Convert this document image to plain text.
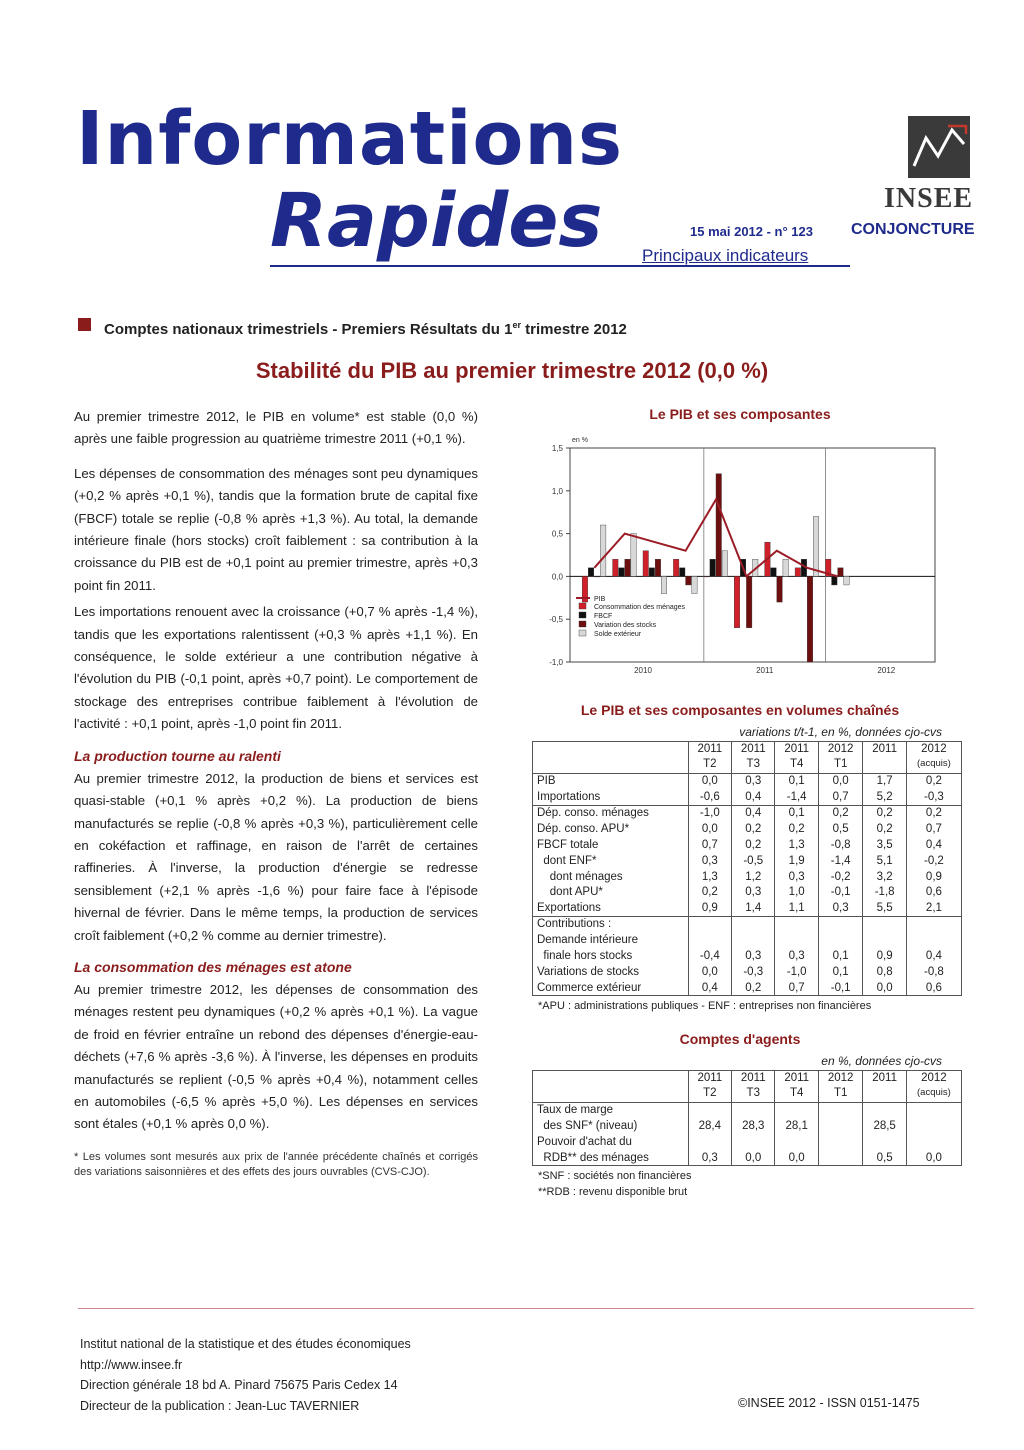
Informations
Rapides	15 mai 2012 - n° 123 CONJONCTURE
Principaux indicateurs
INSEE
Comptes nationaux trimestriels - Premiers Résultats du 1er trimestre 2012
Stabilité du PIB au premier trimestre 2012 (0,0 %)

Au premier trimestre 2012, le PIB en volume* est stable (0,0 %) après une faible progression au quatrième trimestre 2011 (+0,1 %).

Les dépenses de consommation des ménages sont peu dynamiques (+0,2 % après +0,1 %), tandis que la formation brute de capital fixe (FBCF) totale se replie (-0,8 % après +1,3 %). Au total, la demande intérieure finale (hors stocks) croît faiblement : sa contribution à la croissance du PIB est de +0,1 point au premier trimestre, après +0,3 point fin 2011.

Les importations renouent avec la croissance (+0,7 % après -1,4 %), tandis que les exportations ralentissent (+0,3 % après +1,1 %). En conséquence, le solde extérieur a une contribution négative à l'évolution du PIB (-0,1 point, après +0,7 point). Le comportement de stockage des entreprises contribue faiblement à l'évolution de l'activité : +0,1 point, après -1,0 point fin 2011.

La production tourne au ralenti

Au premier trimestre 2012, la production de biens et services est quasi-stable (+0,1 % après +0,2 %). La production de biens manufacturés se replie (-0,8 % après +0,3 %), particulièrement celle en cokéfaction et raffinage, en raison de l'arrêt de certaines raffineries. À l'inverse, la production d'énergie se redresse sensiblement (+2,1 % après -1,6 %) pour faire face à l'épisode hivernal de février. Dans le même temps, la production de services croît faiblement (+0,2 % comme au dernier trimestre).

La consommation des ménages est atone

Au premier trimestre 2012, les dépenses de consommation des ménages restent peu dynamiques (+0,2 % après +0,1 %). La vague de froid en février entraîne un rebond des dépenses d'énergie-eau-déchets (+7,6 % après -3,6 %). À l'inverse, les dépenses en produits manufacturés se replient (-0,5 % après +0,4 %), notamment celles en automobiles (-6,5 % après +5,0 %). Les dépenses en services sont étales (+0,1 % après 0,0 %).

* Les volumes sont mesurés aux prix de l'année précédente chaînés et corrigés des variations saisonnières et des effets des jours ouvrables (CVS-CJO).

Le PIB et ses composantes
1,5
1,0
0,5
0,0
-0,5
-1,0
en %
2010	2011	2012
PIB
Consommation des ménages
FBCF
Variation des stocks
Solde extérieur
Le PIB et ses composantes en volumes chaînés
variations t/t-1, en %, données cjo-cvs
	2011	2011	2011	2012	2011	2012
	T2	T3	T4	T1		(acquis)
PIB	0,0	0,3	0,1	0,0	1,7	0,2
Importations	-0,6	0,4	-1,4	0,7	5,2	-0,3
Dép. conso. ménages	-1,0	0,4	0,1	0,2	0,2	0,2
Dép. conso. APU*	0,0	0,2	0,2	0,5	0,2	0,7
FBCF totale	0,7	0,2	1,3	-0,8	3,5	0,4
dont ENF*	0,3	-0,5	1,9	-1,4	5,1	-0,2
dont ménages	1,3	1,2	0,3	-0,2	3,2	0,9
dont APU*	0,2	0,3	1,0	-0,1	-1,8	0,6
Exportations	0,9	1,4	1,1	0,3	5,5	2,1
Contributions :						
Demande intérieure						
finale hors stocks	-0,4	0,3	0,3	0,1	0,9	0,4
Variations de stocks	0,0	-0,3	-1,0	0,1	0,8	-0,8
Commerce extérieur	0,4	0,2	0,7	-0,1	0,0	0,6
*APU : administrations publiques - ENF : entreprises non financières
Comptes d'agents
en %, données cjo-cvs
	2011	2011	2011	2012	2011	2012
	T2	T3	T4	T1		(acquis)
Taux de marge						
des SNF* (niveau)	28,4	28,3	28,1		28,5	
Pouvoir d'achat du						
RDB** des ménages	0,3	0,0	0,0		0,5	0,0
*SNF : sociétés non financières
**RDB : revenu disponible brut
Institut national de la statistique et des études économiques
http://www.insee.fr
Direction générale 18 bd A. Pinard 75675 Paris Cedex 14
Directeur de la publication : Jean-Luc TAVERNIER	©INSEE 2012 - ISSN 0151-1475
